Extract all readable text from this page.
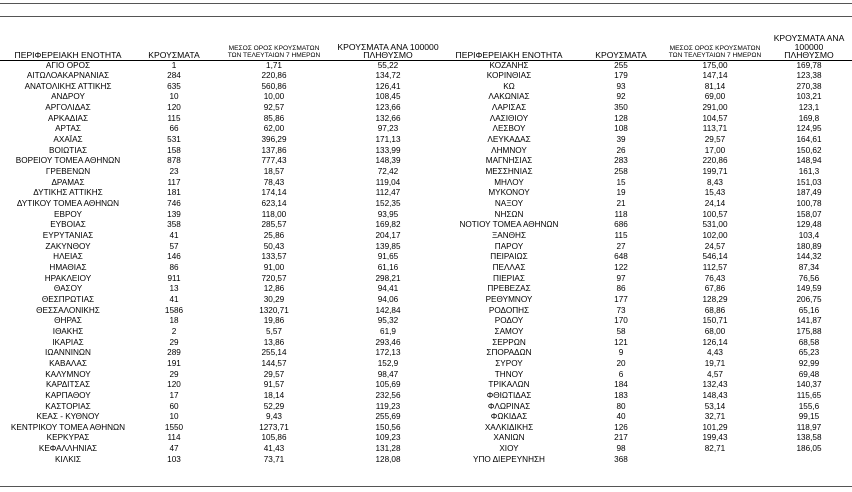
ΠΕΡΙΦΕΡΕΙΑΚΗ ΕΝΟΤΗΤΑ	ΚΡΟΥΣΜΑΤΑ	ΜΕΣΟΣ ΟΡΟΣ ΚΡΟΥΣΜΑΤΩΝ
ΤΩΝ ΤΕΛΕΥΤΑΙΩΝ 7 ΗΜΕΡΩΝ	ΚΡΟΥΣΜΑΤΑ ΑΝΑ 100000
ΠΛΗΘΥΣΜΟ	ΠΕΡΙΦΕΡΕΙΑΚΗ ΕΝΟΤΗΤΑ	ΚΡΟΥΣΜΑΤΑ	ΜΕΣΟΣ ΟΡΟΣ ΚΡΟΥΣΜΑΤΩΝ
ΤΩΝ ΤΕΛΕΥΤΑΙΩΝ 7 ΗΜΕΡΩΝ	ΚΡΟΥΣΜΑΤΑ ΑΝΑ 100000
ΠΛΗΘΥΣΜΟ
ΑΓΙΟ ΟΡΟΣ	1	1,71	55,22	ΚΟΖΑΝΗΣ	255	175,00	169,78
ΑΙΤΩΛΟΑΚΑΡΝΑΝΙΑΣ	284	220,86	134,72	ΚΟΡΙΝΘΙΑΣ	179	147,14	123,38
ΑΝΑΤΟΛΙΚΗΣ ΑΤΤΙΚΗΣ	635	560,86	126,41	ΚΩ	93	81,14	270,38
ΑΝΔΡΟΥ	10	10,00	108,45	ΛΑΚΩΝΙΑΣ	92	69,00	103,21
ΑΡΓΟΛΙΔΑΣ	120	92,57	123,66	ΛΑΡΙΣΑΣ	350	291,00	123,1
ΑΡΚΑΔΙΑΣ	115	85,86	132,66	ΛΑΣΙΘΙΟΥ	128	104,57	169,8
ΑΡΤΑΣ	66	62,00	97,23	ΛΕΣΒΟΥ	108	113,71	124,95
ΑΧΑΪΑΣ	531	396,29	171,13	ΛΕΥΚΑΔΑΣ	39	29,57	164,61
ΒΟΙΩΤΙΑΣ	158	137,86	133,99	ΛΗΜΝΟΥ	26	17,00	150,62
ΒΟΡΕΙΟΥ ΤΟΜΕΑ ΑΘΗΝΩΝ	878	777,43	148,39	ΜΑΓΝΗΣΙΑΣ	283	220,86	148,94
ΓΡΕΒΕΝΩΝ	23	18,57	72,42	ΜΕΣΣΗΝΙΑΣ	258	199,71	161,3
ΔΡΑΜΑΣ	117	78,43	119,04	ΜΗΛΟΥ	15	8,43	151,03
ΔΥΤΙΚΗΣ ΑΤΤΙΚΗΣ	181	174,14	112,47	ΜΥΚΟΝΟΥ	19	15,43	187,49
ΔΥΤΙΚΟΥ ΤΟΜΕΑ ΑΘΗΝΩΝ	746	623,14	152,35	ΝΑΞΟΥ	21	24,14	100,78
ΕΒΡΟΥ	139	118,00	93,95	ΝΗΣΩΝ	118	100,57	158,07
ΕΥΒΟΙΑΣ	358	285,57	169,82	ΝΟΤΙΟΥ ΤΟΜΕΑ ΑΘΗΝΩΝ	686	531,00	129,48
ΕΥΡΥΤΑΝΙΑΣ	41	25,86	204,17	ΞΑΝΘΗΣ	115	102,00	103,4
ΖΑΚΥΝΘΟΥ	57	50,43	139,85	ΠΑΡΟΥ	27	24,57	180,89
ΗΛΕΙΑΣ	146	133,57	91,65	ΠΕΙΡΑΙΩΣ	648	546,14	144,32
ΗΜΑΘΙΑΣ	86	91,00	61,16	ΠΕΛΛΑΣ	122	112,57	87,34
ΗΡΑΚΛΕΙΟΥ	911	720,57	298,21	ΠΙΕΡΙΑΣ	97	76,43	76,56
ΘΑΣΟΥ	13	12,86	94,41	ΠΡΕΒΕΖΑΣ	86	67,86	149,59
ΘΕΣΠΡΩΤΙΑΣ	41	30,29	94,06	ΡΕΘΥΜΝΟΥ	177	128,29	206,75
ΘΕΣΣΑΛΟΝΙΚΗΣ	1586	1320,71	142,84	ΡΟΔΟΠΗΣ	73	68,86	65,16
ΘΗΡΑΣ	18	19,86	95,32	ΡΟΔΟΥ	170	150,71	141,87
ΙΘΑΚΗΣ	2	5,57	61,9	ΣΑΜΟΥ	58	68,00	175,88
ΙΚΑΡΙΑΣ	29	13,86	293,46	ΣΕΡΡΩΝ	121	126,14	68,58
ΙΩΑΝΝΙΝΩΝ	289	255,14	172,13	ΣΠΟΡΑΔΩΝ	9	4,43	65,23
ΚΑΒΑΛΑΣ	191	144,57	152,9	ΣΥΡΟΥ	20	19,71	92,99
ΚΑΛΥΜΝΟΥ	29	29,57	98,47	ΤΗΝΟΥ	6	4,57	69,48
ΚΑΡΔΙΤΣΑΣ	120	91,57	105,69	ΤΡΙΚΑΛΩΝ	184	132,43	140,37
ΚΑΡΠΑΘΟΥ	17	18,14	232,56	ΦΘΙΩΤΙΔΑΣ	183	148,43	115,65
ΚΑΣΤΟΡΙΑΣ	60	52,29	119,23	ΦΛΩΡΙΝΑΣ	80	53,14	155,6
ΚΕΑΣ - ΚΥΘΝΟΥ	10	9,43	255,69	ΦΩΚΙΔΑΣ	40	32,71	99,15
ΚΕΝΤΡΙΚΟΥ ΤΟΜΕΑ ΑΘΗΝΩΝ	1550	1273,71	150,56	ΧΑΛΚΙΔΙΚΗΣ	126	101,29	118,97
ΚΕΡΚΥΡΑΣ	114	105,86	109,23	ΧΑΝΙΩΝ	217	199,43	138,58
ΚΕΦΑΛΛΗΝΙΑΣ	47	41,43	131,28	ΧΙΟΥ	98	82,71	186,05
ΚΙΛΚΙΣ	103	73,71	128,08	ΥΠΟ ΔΙΕΡΕΥΝΗΣΗ	368		
